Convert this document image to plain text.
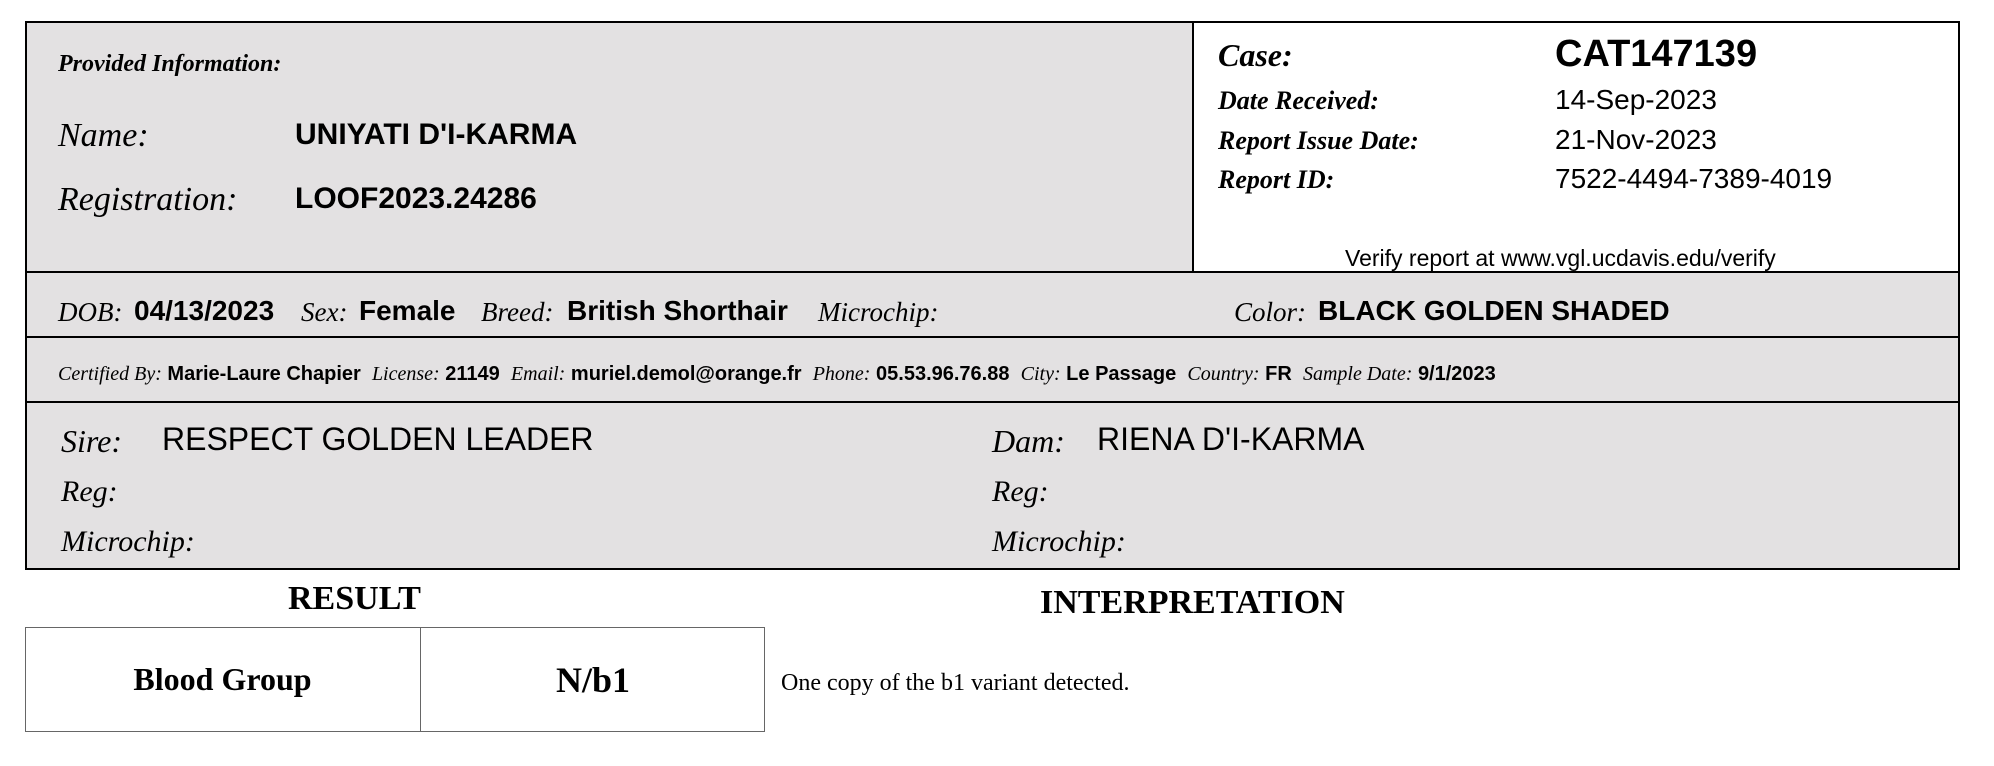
Provided Information:
Name:	UNIYATI D'I-KARMA
Registration: LOOF2023.24286
Case:	CAT147139
Date Received:	14-Sep-2023
Report Issue Date:	21-Nov-2023
Report ID:	7522-4494-7389-4019
Verify report at www.vgl.ucdavis.edu/verify
DOB: 04/13/2023 Sex: Female Breed: British Shorthair Microchip:	Color: BLACK GOLDEN SHADED
Certified By: Marie-Laure Chapier License: 21149 Email: muriel.demol@orange.fr Phone: 05.53.96.76.88 City: Le Passage Country: FR Sample Date: 9/1/2023
Sire: RESPECT GOLDEN LEADER
Reg:
Microchip:
Dam: RIENA D'I-KARMA
Reg:
Microchip:
RESULT	INTERPRETATION
Blood Group	N/b1	One copy of the b1 variant detected.
